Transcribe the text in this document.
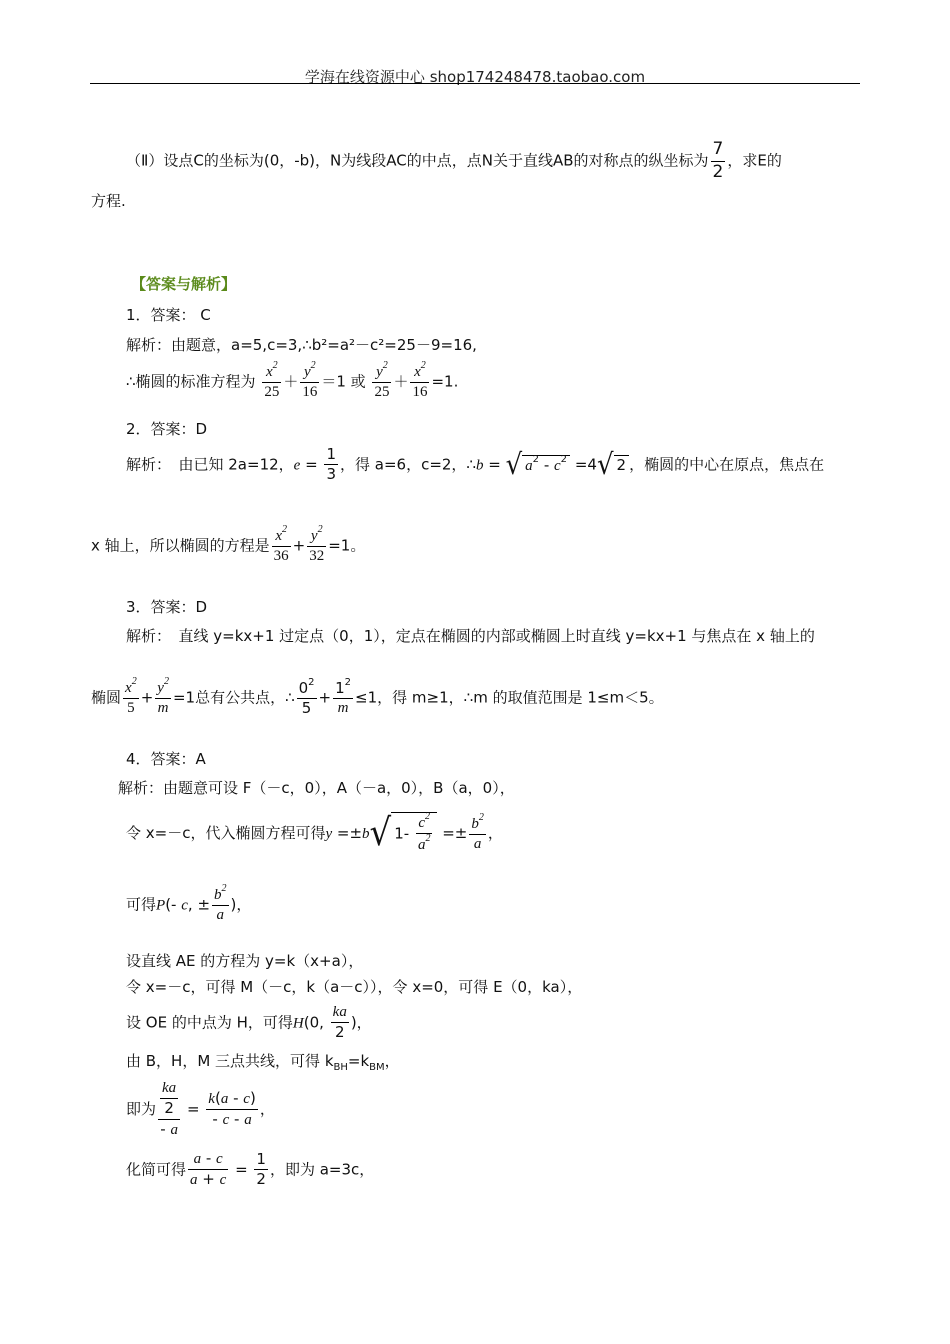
学海在线资源中心 shop174248478.taobao.com
（Ⅱ）设点C的坐标为(0，-b)，N为线段AC的中点，点N关于直线AB的对称点的纵坐标为 $\frac{7}{2}$ ，求E的
方程.
【答案与解析】
1．答案： C
解析：由题意，a=5,c=3,∴b²=a²－c²=25－9=16,
∴椭圆的标准方程为 $\frac{x^2}{25} + \frac{y^2}{16} =1$ 或 $\frac{y^2}{25} + \frac{x^2}{16} =1$.
2．答案：D
解析：　由已知 2a=12，$e = \frac{1}{3}$ ，得 a=6，c=2，∴b = √ $a^2 - c^2 =4√$ 2 ，椭圆的中心在原点，焦点在
x 轴上，所以椭圆的方程是 $\frac{x^2}{36} + \frac{y^2}{32} =1$。
3．答案：D
解析：　直线 y=kx+1 过定点（0，1），定点在椭圆的内部或椭圆上时直线 y=kx+1 与焦点在 x 轴上的
椭圆 $\frac{x^2}{5} + \frac{y^2}{m} =1$总有公共点，∴ $\frac{0^2}{5} + \frac{1^2}{m} \le 1$，得 m≥1，∴m 的取值范围是 1≤m＜5。
4．答案：A
解析：由题意可设 F（－c，0），A（－a，0），B（a，0），
令 x=－c，代入椭圆方程可得y =±b√ $1- \frac{c^2}{a^2} =\pm \frac{b^2}{a}$ ，
可得P(- c, ± $\frac{b^2}{a}$ )，
设直线 AE 的方程为 y=k（x+a），
令 x=－c，可得 M（－c，k（a－c）），令 x=0，可得 E（0，ka），
设 OE 的中点为 H，可得H(0, $\frac{ka}{2}$ )，
由 B，H，M 三点共线，可得 $k_{BH}=k_{BM}$，
即为 $\frac{\frac{ka}{2}}{- a} = \frac{k(a - c)}{- c - a}$ ，
化简可得 $\frac{a - c}{a + c} = \frac{1}{2}$ ，即为 a=3c，
